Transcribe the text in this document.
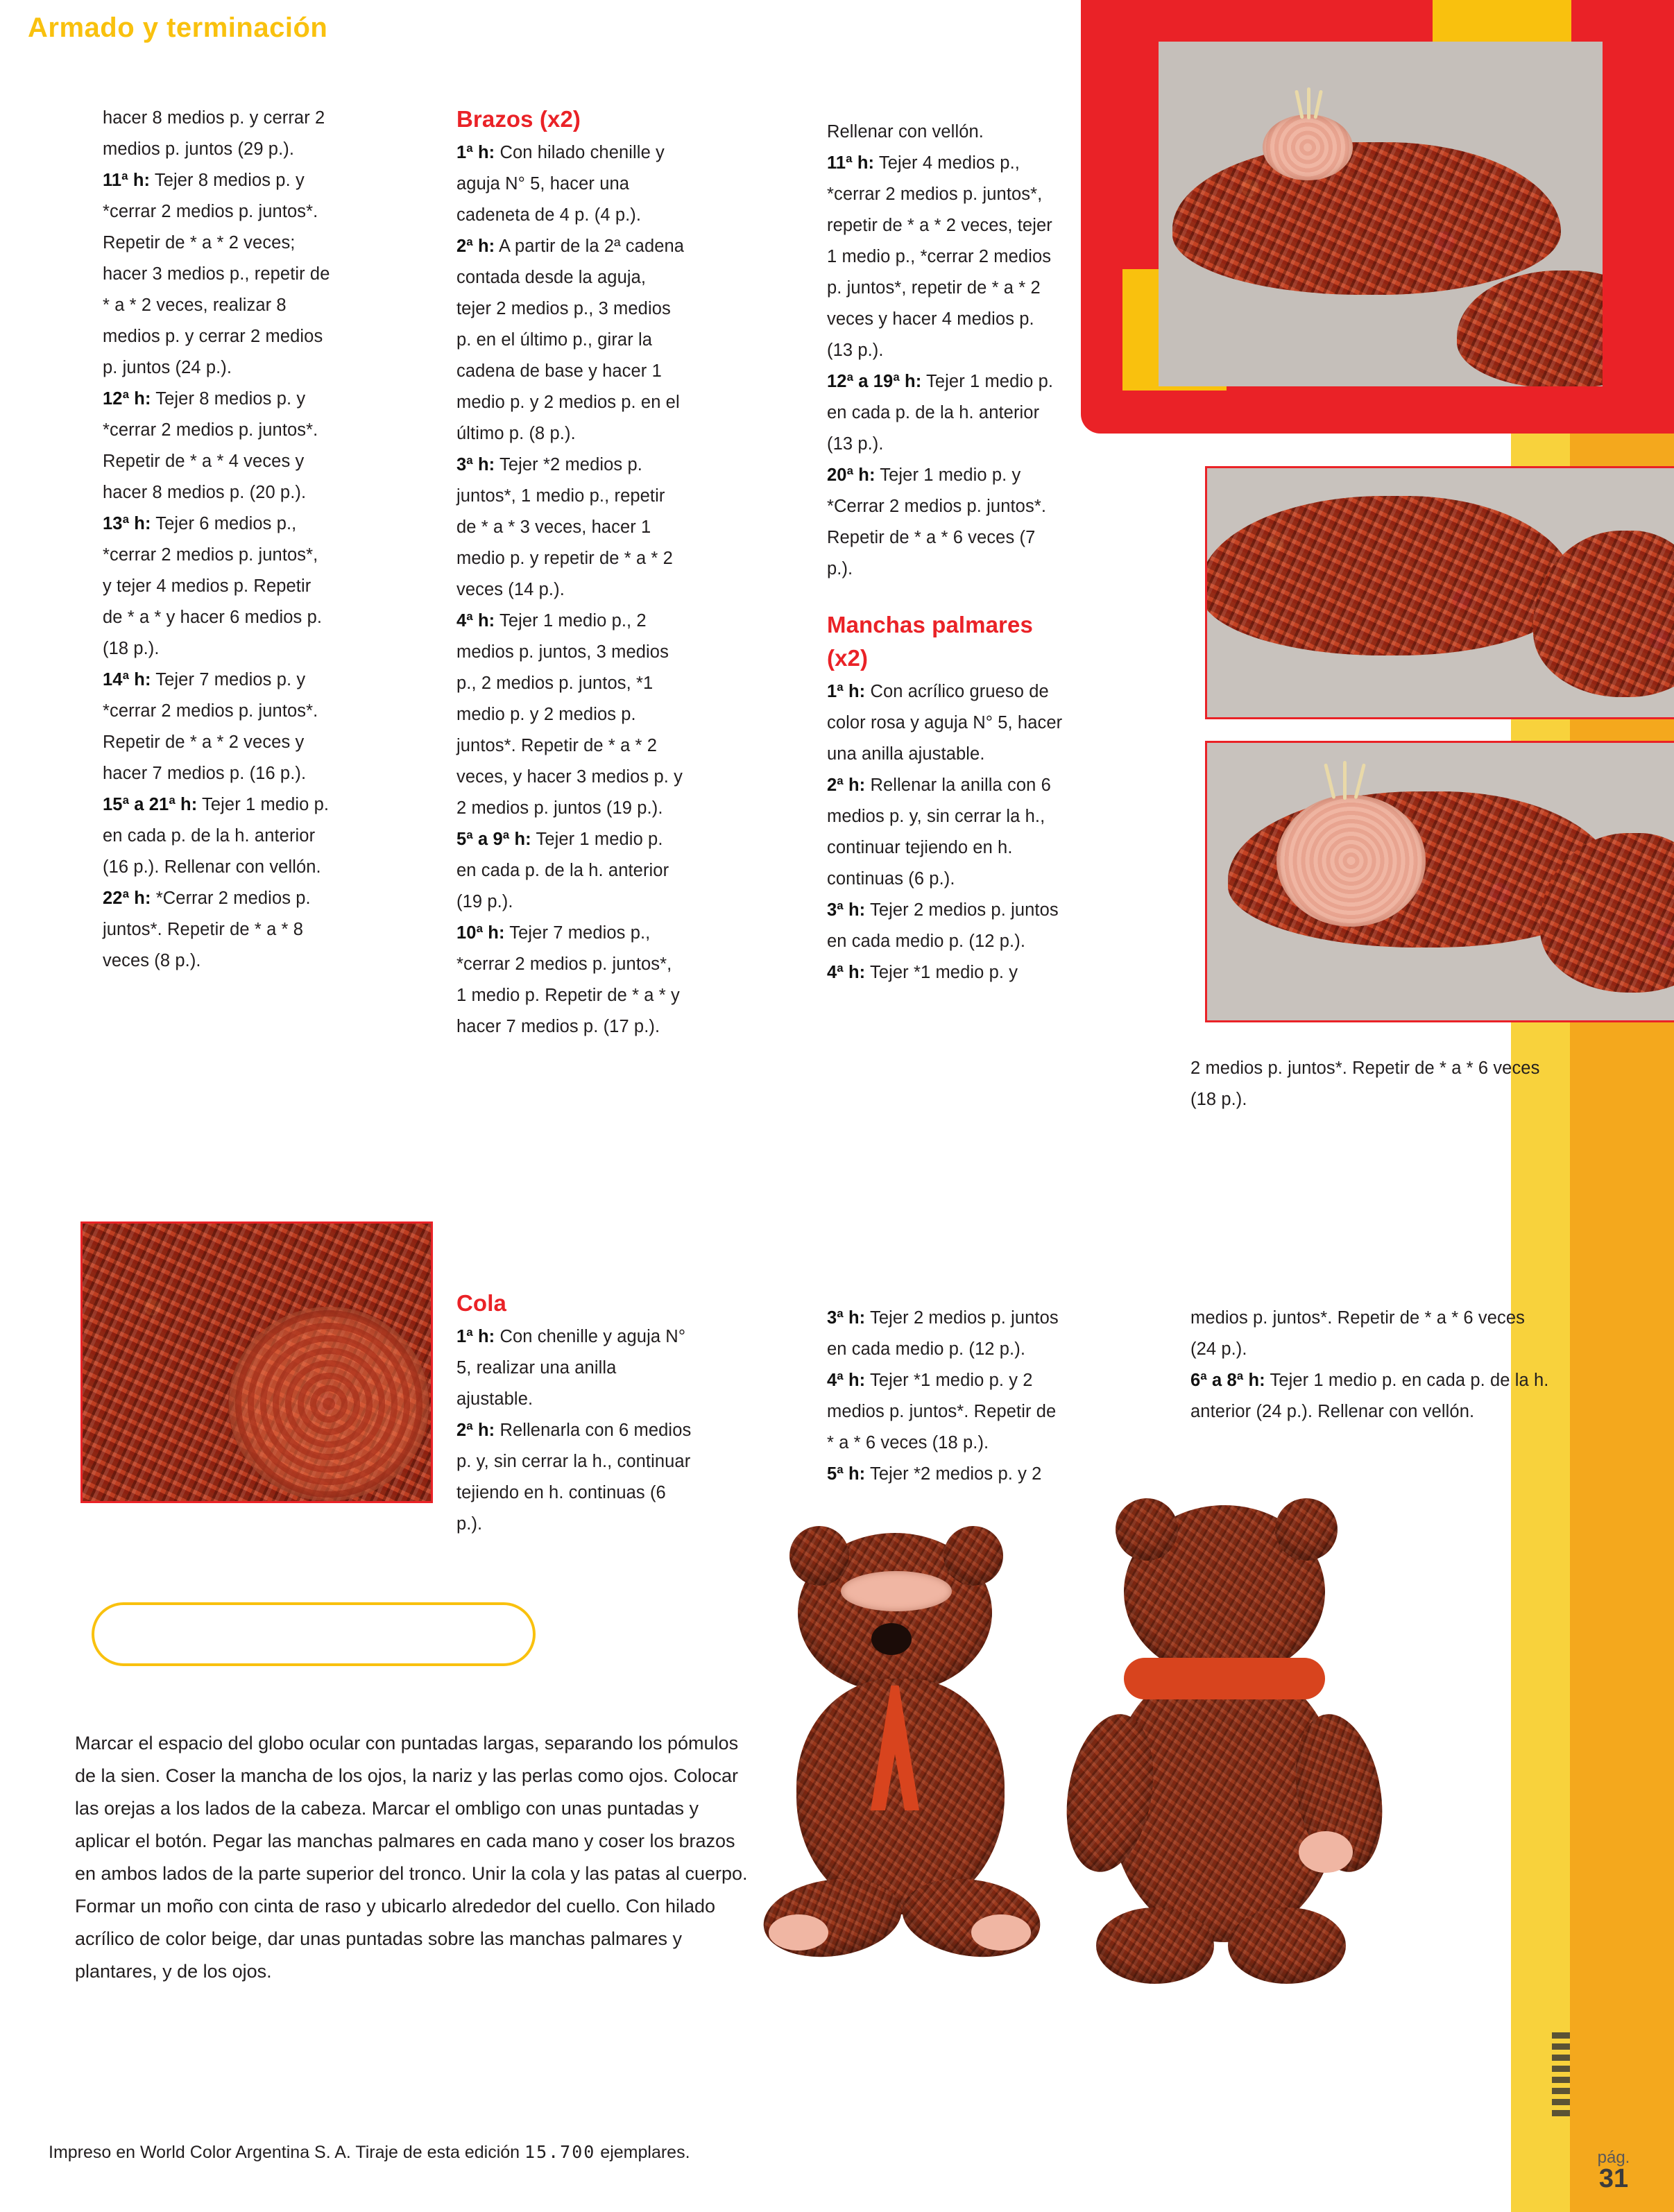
hacer 8 medios p. y cerrar 2 medios p. juntos (29 p.).

11ª h: Tejer 8 medios p. y *cerrar 2 medios p. juntos*. Repetir de * a * 2 veces; hacer 3 medios p., repetir de * a * 2 veces, realizar 8 medios p. y cerrar 2 medios p. juntos (24 p.).

12ª h: Tejer 8 medios p. y *cerrar 2 medios p. juntos*. Repetir de * a * 4 veces y hacer 8 medios p. (20 p.).

13ª h: Tejer 6 medios p., *cerrar 2 medios p. juntos*, y tejer 4 medios p. Repetir de * a * y hacer 6 medios p. (18 p.).

14ª h: Tejer 7 medios p. y *cerrar 2 medios p. juntos*. Repetir de * a * 2 veces y hacer 7 medios p. (16 p.).

15ª a 21ª h: Tejer 1 medio p. en cada p. de la h. anterior (16 p.). Rellenar con vellón.

22ª h: *Cerrar 2 medios p. juntos*. Repetir de * a * 8 veces (8 p.).

Brazos (x2)

1ª h: Con hilado chenille y aguja N° 5, hacer una cadeneta de 4 p. (4 p.).

2ª h: A partir de la 2ª cadena contada desde la aguja, tejer 2 medios p., 3 medios p. en el último p., girar la cadena de base y hacer 1 medio p. y 2 medios p. en el último p. (8 p.).

3ª h: Tejer *2 medios p. juntos*, 1 medio p., repetir de * a * 3 veces, hacer 1 medio p. y repetir de * a * 2 veces (14 p.).

4ª h: Tejer 1 medio p., 2 medios p. juntos, 3 medios p., 2 medios p. juntos, *1 medio p. y 2 medios p. juntos*. Repetir de * a * 2 veces, y hacer 3 medios p. y 2 medios p. juntos (19 p.).

5ª a 9ª h: Tejer 1 medio p. en cada p. de la h. anterior (19 p.).

10ª h: Tejer 7 medios p., *cerrar 2 medios p. juntos*, 1 medio p. Repetir de * a * y hacer 7 medios p. (17 p.).

Rellenar con vellón.

11ª h: Tejer 4 medios p., *cerrar 2 medios p. juntos*, repetir de * a * 2 veces, tejer 1 medio p., *cerrar 2 medios p. juntos*, repetir de * a * 2 veces y hacer 4 medios p. (13 p.).

12ª a 19ª h: Tejer 1 medio p. en cada p. de la h. anterior (13 p.).

20ª h: Tejer 1 medio p. y *Cerrar 2 medios p. juntos*. Repetir de * a * 6 veces (7 p.).

Manchas palmares (x2)

1ª h: Con acrílico grueso de color rosa y aguja N° 5, hacer una anilla ajustable.

2ª h: Rellenar la anilla con 6 medios p. y, sin cerrar la h., continuar tejiendo en h. continuas (6 p.).

3ª h: Tejer 2 medios p. juntos en cada medio p. (12 p.).

4ª h: Tejer *1 medio p. y

2 medios p. juntos*. Repetir de * a * 6 veces (18 p.).

Cola

1ª h: Con chenille y aguja N° 5, realizar una anilla ajustable.

2ª h: Rellenarla con 6 medios p. y, sin cerrar la h., continuar tejiendo en h. continuas (6 p.).

3ª h: Tejer 2 medios p. juntos en cada medio p. (12 p.).

4ª h: Tejer *1 medio p. y 2 medios p. juntos*. Repetir de * a * 6 veces (18 p.).

5ª h: Tejer *2 medios p. y 2

medios p. juntos*. Repetir de * a * 6 veces (24 p.).

6ª a 8ª h: Tejer 1 medio p. en cada p. de la h. anterior (24 p.). Rellenar con vellón.

Armado y terminación

Marcar el espacio del globo ocular con puntadas largas, separando los pómulos de la sien. Coser la mancha de los ojos, la nariz y las perlas como ojos. Colocar las orejas a los lados de la cabeza. Marcar el ombligo con unas puntadas y aplicar el botón. Pegar las manchas palmares en cada mano y coser los brazos en ambos lados de la parte superior del tronco. Unir la cola y las patas al cuerpo. Formar un moño con cinta de raso y ubicarlo alrededor del cuello. Con hilado acrílico de color beige, dar unas puntadas sobre las manchas palmares y plantares, y de los ojos.

Impreso en World Color Argentina S. A. Tiraje de esta edición 15.700 ejemplares.	pág.
31
